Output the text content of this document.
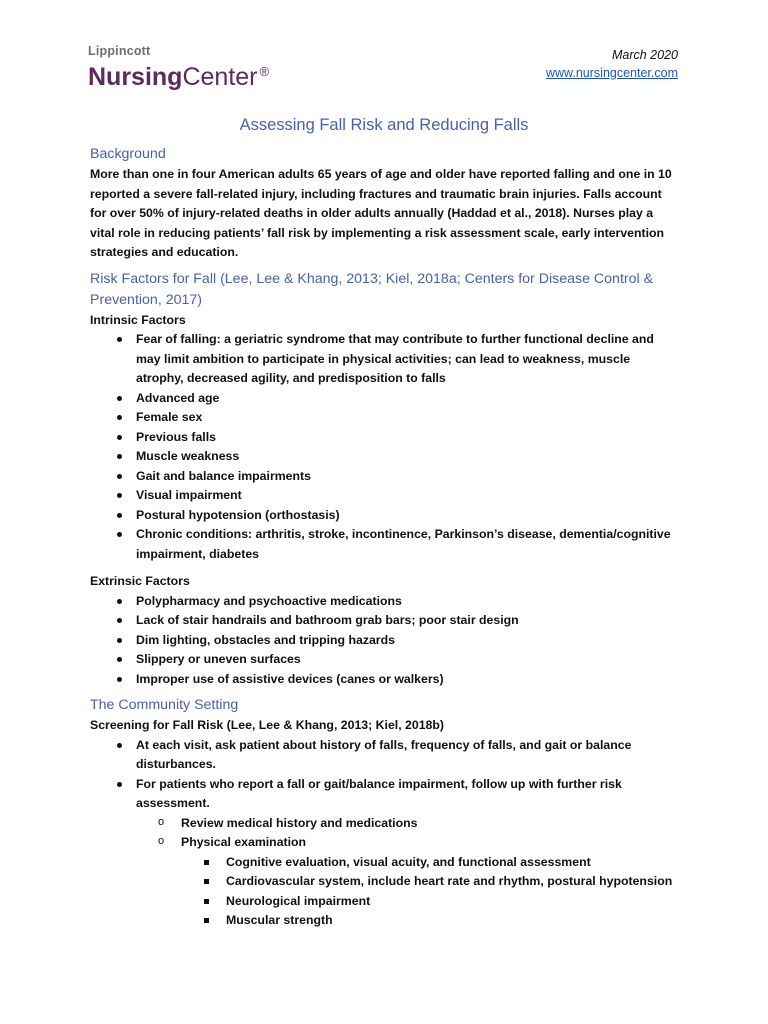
Lippincott
NursingCenter ®
March 2020
www.nursingcenter.com
Assessing Fall Risk and Reducing Falls
Background

More than one in four American adults 65 years of age and older have reported falling and one in 10 reported a severe fall-related injury, including fractures and traumatic brain injuries. Falls account for over 50% of injury-related deaths in older adults annually (Haddad et al., 2018). Nurses play a vital role in reducing patients’ fall risk by implementing a risk assessment scale, early intervention strategies and education.

Risk Factors for Fall (Lee, Lee & Khang, 2013; Kiel, 2018a; Centers for Disease Control & Prevention, 2017)
Intrinsic Factors
Fear of falling: a geriatric syndrome that may contribute to further functional decline and may limit ambition to participate in physical activities; can lead to weakness, muscle atrophy, decreased agility, and predisposition to falls
Advanced age
Female sex
Previous falls
Muscle weakness
Gait and balance impairments
Visual impairment
Postural hypotension (orthostasis)
Chronic conditions: arthritis, stroke, incontinence, Parkinson’s disease, dementia/cognitive impairment, diabetes
Extrinsic Factors
Polypharmacy and psychoactive medications
Lack of stair handrails and bathroom grab bars; poor stair design
Dim lighting, obstacles and tripping hazards
Slippery or uneven surfaces
Improper use of assistive devices (canes or walkers)
The Community Setting
Screening for Fall Risk (Lee, Lee & Khang, 2013; Kiel, 2018b)
At each visit, ask patient about history of falls, frequency of falls, and gait or balance disturbances.
For patients who report a fall or gait/balance impairment, follow up with further risk assessment.
o Review medical history and medications
o Physical examination
Cognitive evaluation, visual acuity, and functional assessment
Cardiovascular system, include heart rate and rhythm, postural hypotension
Neurological impairment
Muscular strength
